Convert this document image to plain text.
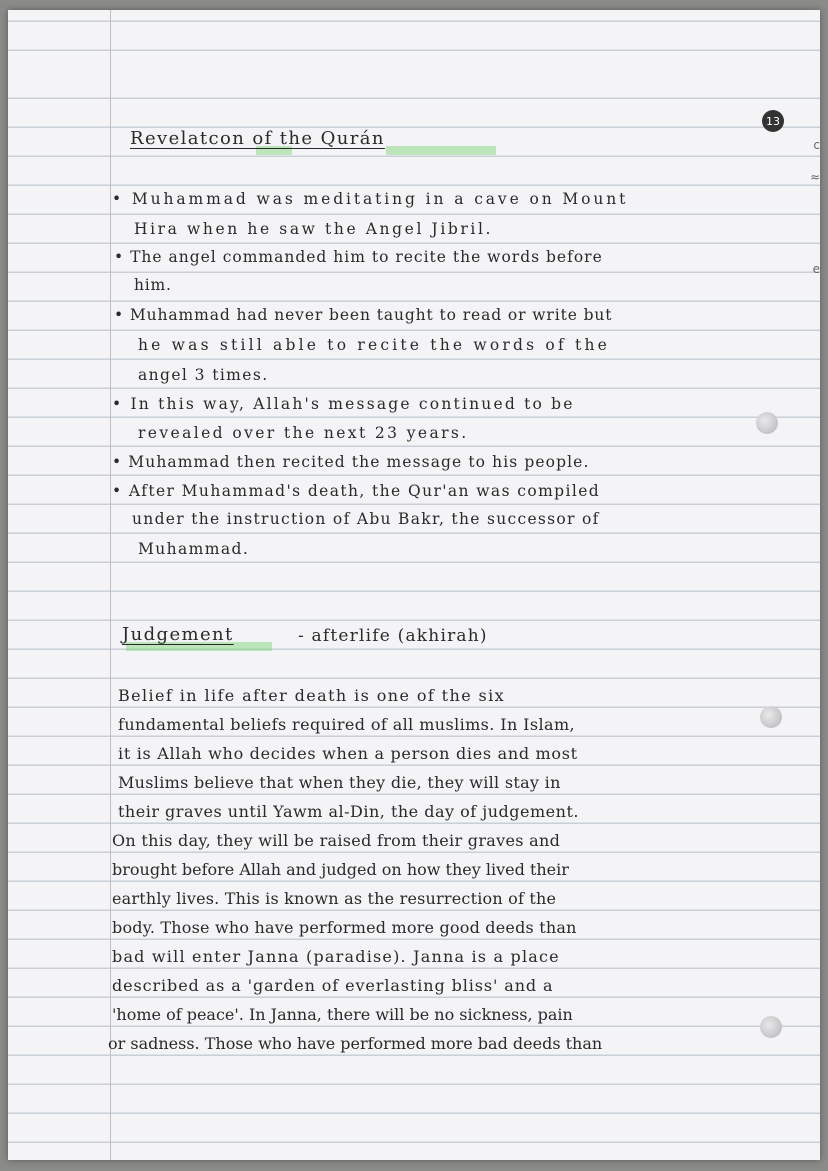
13
c
≈
e
Revelatcon of the Qurán
• Muhammad was meditating in a cave on Mount
Hira when he saw the Angel Jibril.
• The angel commanded him to recite the words before
him.
• Muhammad had never been taught to read or write but
he was still able to recite the words of the
angel 3 times.
• In this way, Allah's message continued to be
revealed over the next 23 years.
• Muhammad then recited the message to his people.
• After Muhammad's death, the Qur'an was compiled
under the instruction of Abu Bakr, the successor of
Muhammad.
Judgement	- afterlife (akhirah)
Belief in life after death is one of the six
fundamental beliefs required of all muslims. In Islam,
it is Allah who decides when a person dies and most
Muslims believe that when they die, they will stay in
their graves until Yawm al-Din, the day of judgement.
On this day, they will be raised from their graves and
brought before Allah and judged on how they lived their
earthly lives. This is known as the resurrection of the
body. Those who have performed more good deeds than
bad will enter Janna (paradise). Janna is a place
described as a 'garden of everlasting bliss' and a
'home of peace'. In Janna, there will be no sickness, pain
or sadness. Those who have performed more bad deeds than
